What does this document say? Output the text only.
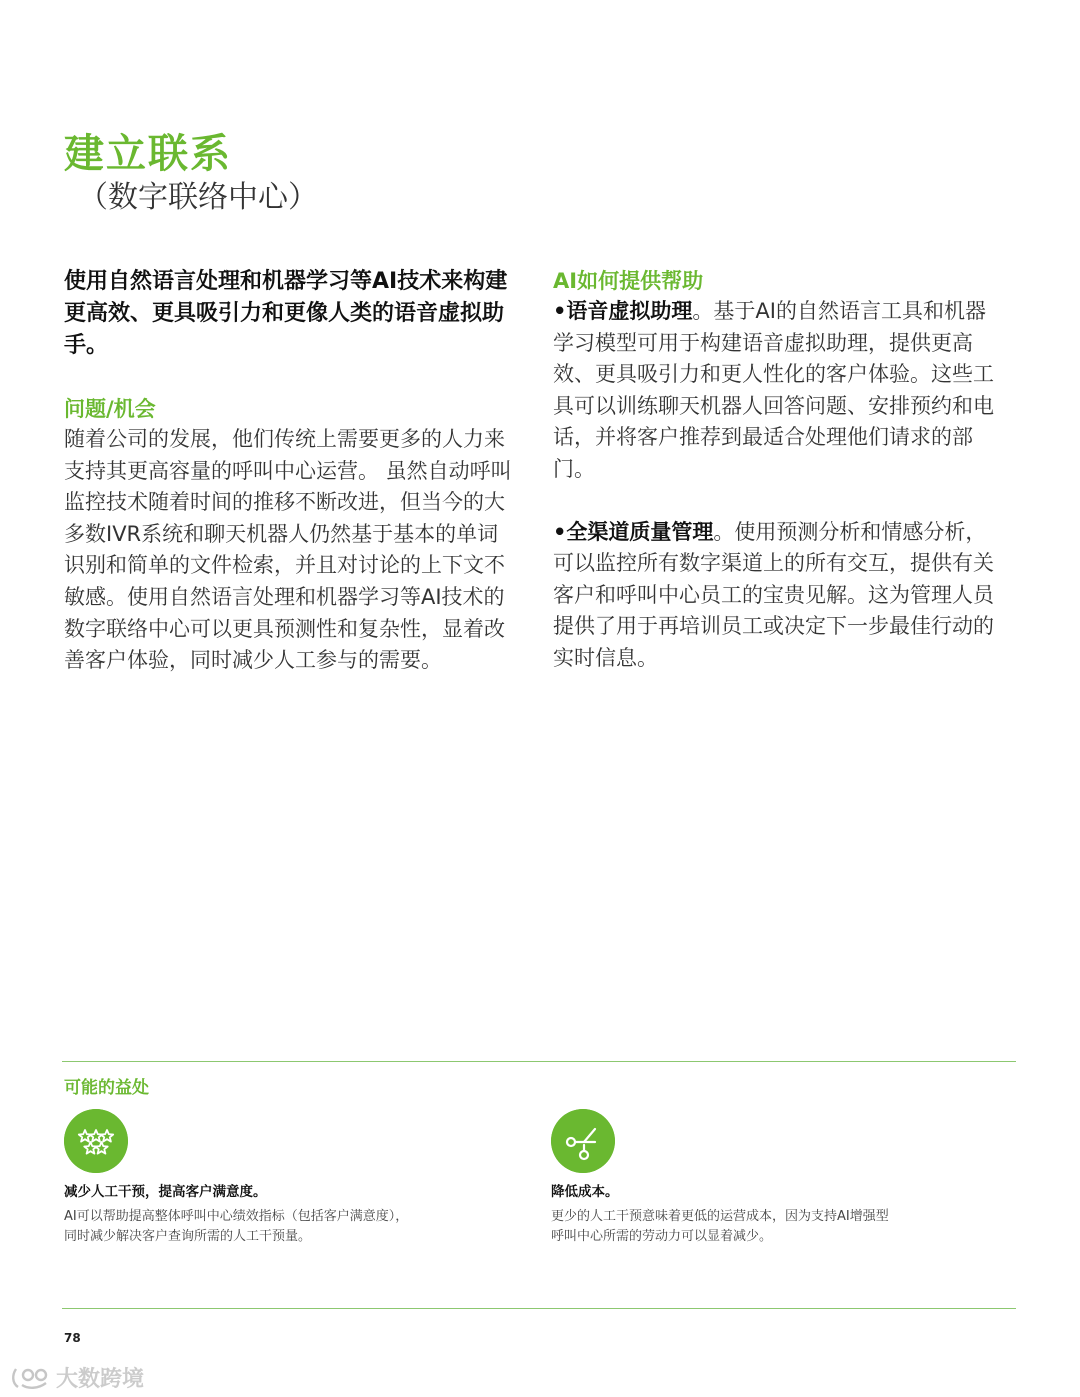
建立联系

（数字联络中心）

使用自然语言处理和机器学习等AI技术来构建更高效、更具吸引力和更像人类的语音虚拟助手。

问题/机会

随着公司的发展，他们传统上需要更多的人力来支持其更高容量的呼叫中心运营。 虽然自动呼叫监控技术随着时间的推移不断改进，但当今的大多数IVR系统和聊天机器人仍然基于基本的单词识别和简单的文件检索，并且对讨论的上下文不敏感。使用自然语言处理和机器学习等AI技术的数字联络中心可以更具预测性和复杂性，显着改善客户体验，同时减少人工参与的需要。

AI如何提供帮助

•语音虚拟助理。基于AI的自然语言工具和机器学习模型可用于构建语音虚拟助理，提供更高效、更具吸引力和更人性化的客户体验。这些工具可以训练聊天机器人回答问题、安排预约和电话，并将客户推荐到最适合处理他们请求的部门。

•全渠道质量管理。使用预测分析和情感分析，可以监控所有数字渠道上的所有交互，提供有关客户和呼叫中心员工的宝贵见解。这为管理人员提供了用于再培训员工或决定下一步最佳行动的实时信息。

可能的益处

减少人工干预，提高客户满意度。

AI可以帮助提高整体呼叫中心绩效指标（包括客户满意度），
同时减少解决客户查询所需的人工干预量。

降低成本。

更少的人工干预意味着更低的运营成本，因为支持AI增强型
呼叫中心所需的劳动力可以显着减少。

78

大数跨境
